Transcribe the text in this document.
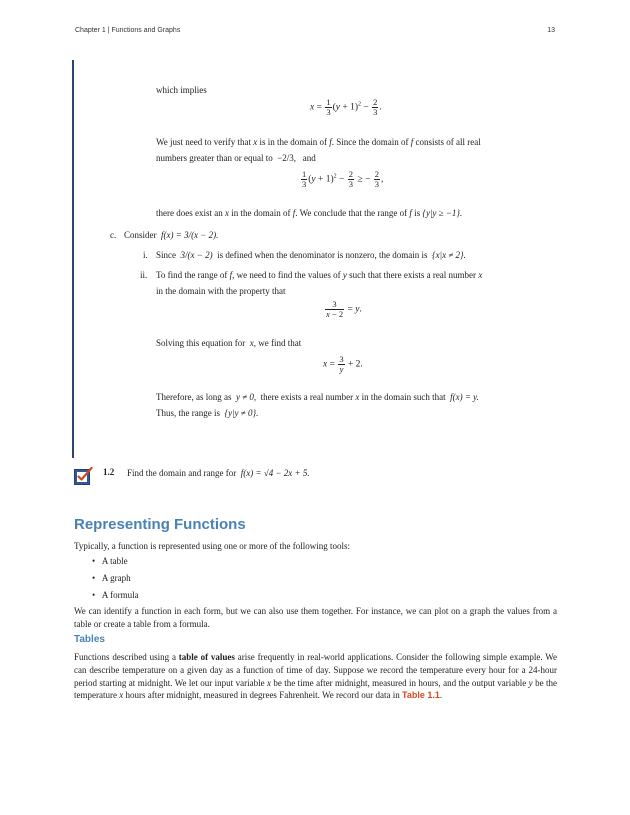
Chapter 1 | Functions and Graphs	13
which implies
$x = \frac{1}{3} (y + 1)^2 - \frac{2}{3}$ .
We just need to verify that x is in the domain of f. Since the domain of f consists of all real
numbers greater than or equal to −2/3, and
$\frac{1}{3} (y + 1)^2 - \frac{2}{3}$ ≥ − $\frac{2}{3}$ ,
there does exist an x in the domain of f. We conclude that the range of f is {y|y ≥ −1}.
c. Consider f(x) = 3/(x − 2).
i. Since 3/(x − 2) is defined when the denominator is nonzero, the domain is {x|x ≠ 2}.
ii. To find the range of f, we need to find the values of y such that there exists a real number x
in the domain with the property that
$\frac{3}{x - 2} = y$.
Solving this equation for x, we find that
$x = \frac{3}{y} + 2$.
Therefore, as long as y ≠ 0, there exists a real number x in the domain such that f(x) = y.
Thus, the range is {y|y ≠ 0}.
1.2 Find the domain and range for f(x) = √4 − 2x + 5.
Representing Functions
Typically, a function is represented using one or more of the following tools:
•   A table
•   A graph
•   A formula
We can identify a function in each form, but we can also use them together. For instance, we can plot on a graph the values from a table or create a table from a formula.
Tables
Functions described using a table of values arise frequently in real-world applications. Consider the following simple example. We can describe temperature on a given day as a function of time of day. Suppose we record the temperature every hour for a 24-hour period starting at midnight. We let our input variable x be the time after midnight, measured in hours, and the output variable y be the temperature x hours after midnight, measured in degrees Fahrenheit. We record our data in Table 1.1.
